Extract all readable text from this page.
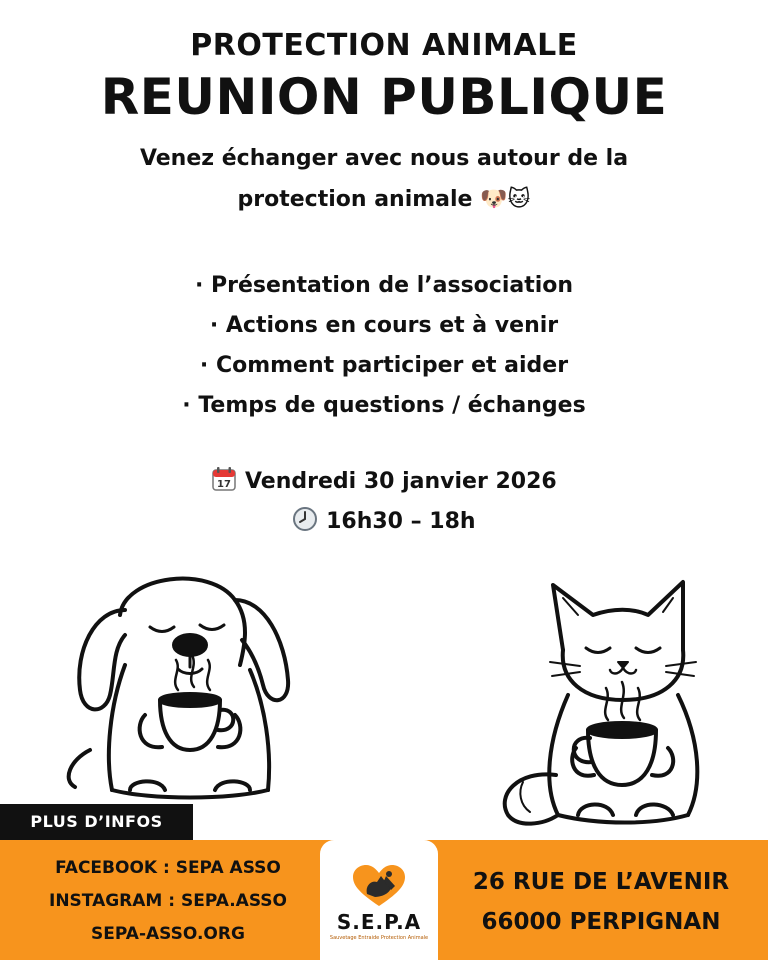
PROTECTION ANIMALE
REUNION PUBLIQUE
Venez échanger avec nous autour de la
protection animale 🐶🐱
· Présentation de l’association
· Actions en cours et à venir
· Comment participer et aider
· Temps de questions / échanges
17 Vendredi 30 janvier 2026
16h30 – 18h
PLUS D’INFOS
FACEBOOK : SEPA ASSO
INSTAGRAM : SEPA.ASSO
SEPA-ASSO.ORG	S.E.P.A
Sauvetage Entraide Protection Animale
26 RUE DE L’AVENIR
66000 PERPIGNAN
